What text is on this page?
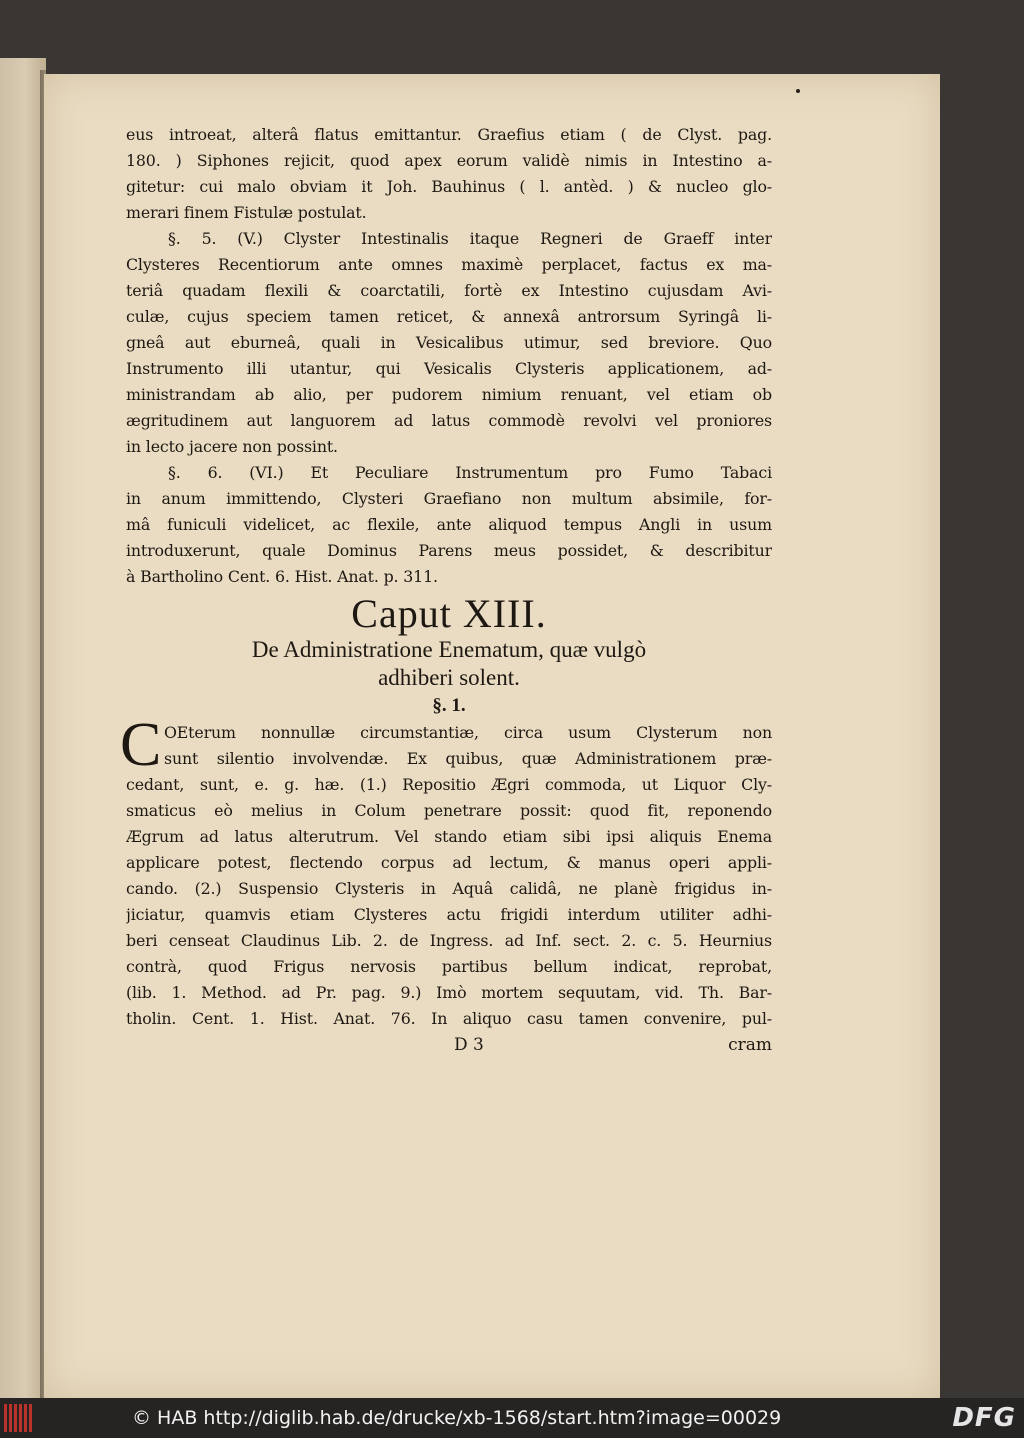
eus introeat, alterâ flatus emittantur. Graefius etiam ( de Clyst. pag.
180. ) Siphones rejicit, quod apex eorum validè nimis in Intestino a-
gitetur: cui malo obviam it Joh. Bauhinus ( l. antèd. ) & nucleo glo-
merari finem Fistulæ postulat.
§. 5. (V.) Clyster Intestinalis itaque Regneri de Graeff inter
Clysteres Recentiorum ante omnes maximè perplacet, factus ex ma-
teriâ quadam flexili & coarctatili, fortè ex Intestino cujusdam Avi-
culæ, cujus speciem tamen reticet, & annexâ antrorsum Syringâ li-
gneâ aut eburneâ, quali in Vesicalibus utimur, sed breviore. Quo
Instrumento illi utantur, qui Vesicalis Clysteris applicationem, ad-
ministrandam ab alio, per pudorem nimium renuant, vel etiam ob
ægritudinem aut languorem ad latus commodè revolvi vel proniores
in lecto jacere non possint.
§. 6. (VI.) Et Peculiare Instrumentum pro Fumo Tabaci
in anum immittendo, Clysteri Graefiano non multum absimile, for-
mâ funiculi videlicet, ac flexile, ante aliquod tempus Angli in usum
introduxerunt, quale Dominus Parens meus possidet, & describitur
à Bartholino Cent. 6. Hist. Anat. p. 311.
Caput XIII.
De Administratione Enematum, quæ vulgò
adhiberi solent.
§. 1.
C OEterum nonnullæ circumstantiæ, circa usum Clysterum non
sunt silentio involvendæ. Ex quibus, quæ Administrationem præ-
cedant, sunt, e. g. hæ. (1.) Repositio Ægri commoda, ut Liquor Cly-
smaticus eò melius in Colum penetrare possit: quod fit, reponendo
Ægrum ad latus alterutrum. Vel stando etiam sibi ipsi aliquis Enema
applicare potest, flectendo corpus ad lectum, & manus operi appli-
cando. (2.) Suspensio Clysteris in Aquâ calidâ, ne planè frigidus in-
jiciatur, quamvis etiam Clysteres actu frigidi interdum utiliter adhi-
beri censeat Claudinus Lib. 2. de Ingress. ad Inf. sect. 2. c. 5. Heurnius
contrà, quod Frigus nervosis partibus bellum indicat, reprobat,
(lib. 1. Method. ad Pr. pag. 9.) Imò mortem sequutam, vid. Th. Bar-
tholin. Cent. 1. Hist. Anat. 76. In aliquo casu tamen convenire, pul-
D 3	cram
© HAB http://diglib.hab.de/drucke/xb-1568/start.htm?image=00029	DFG
